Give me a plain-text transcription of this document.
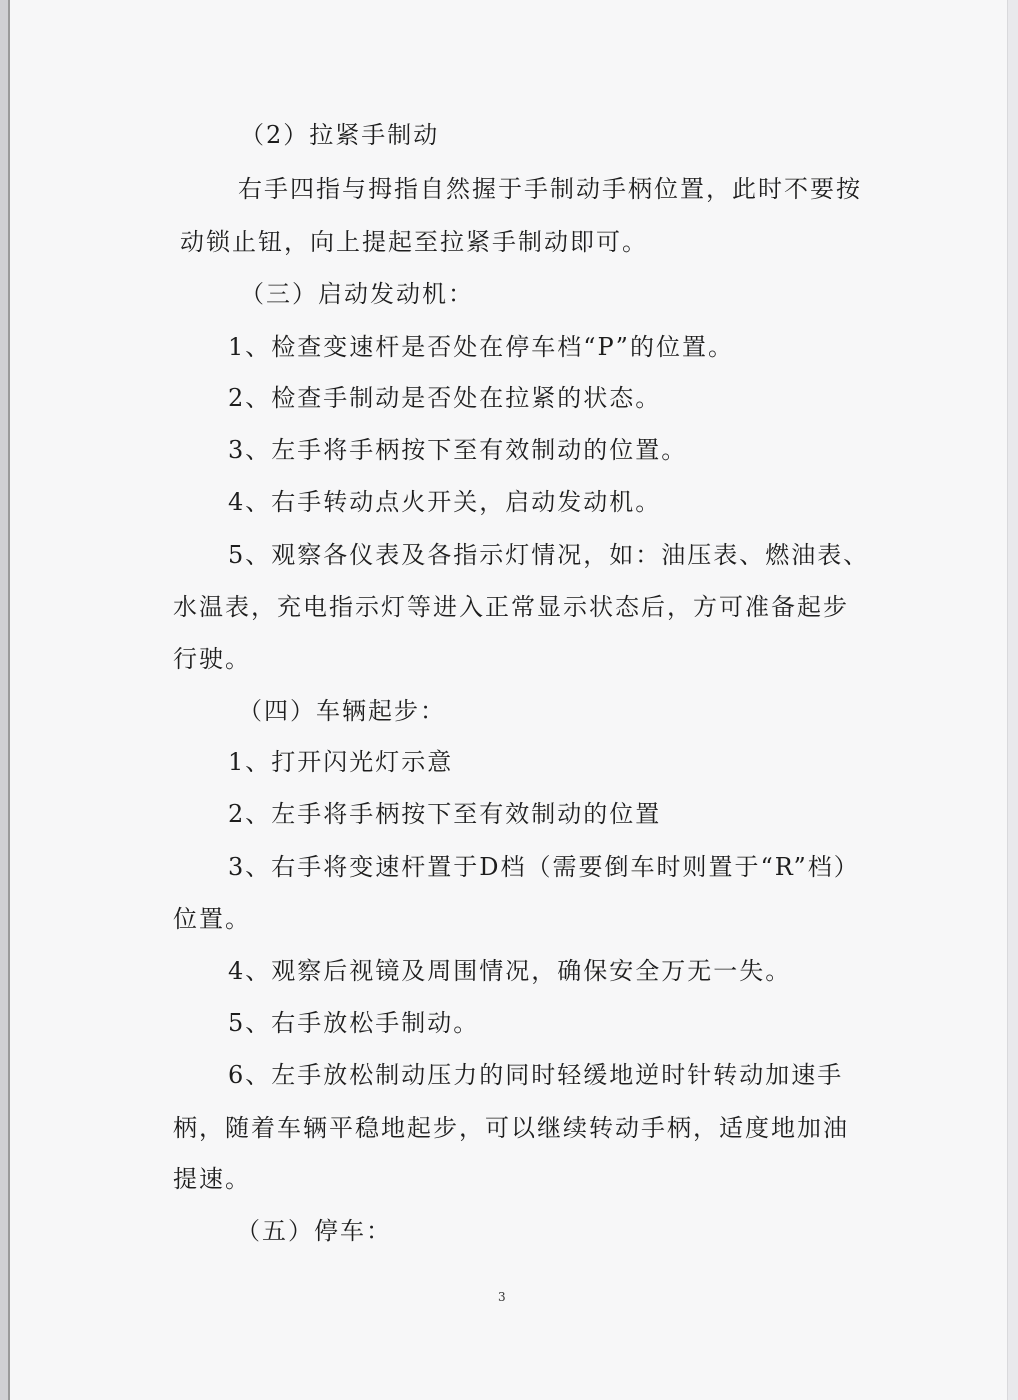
（2）拉紧手制动
右手四指与拇指自然握于手制动手柄位置，此时不要按
动锁止钮，向上提起至拉紧手制动即可。
（三）启动发动机：
1、检查变速杆是否处在停车档“P”的位置。
2、检查手制动是否处在拉紧的状态。
3、左手将手柄按下至有效制动的位置。
4、右手转动点火开关，启动发动机。
5、观察各仪表及各指示灯情况，如：油压表、燃油表、
水温表，充电指示灯等进入正常显示状态后，方可准备起步
行驶。
（四）车辆起步：
1、打开闪光灯示意
2、左手将手柄按下至有效制动的位置
3、右手将变速杆置于D档（需要倒车时则置于“R”档）
位置。
4、观察后视镜及周围情况，确保安全万无一失。
5、右手放松手制动。
6、左手放松制动压力的同时轻缓地逆时针转动加速手
柄，随着车辆平稳地起步，可以继续转动手柄，适度地加油
提速。
（五）停车：
3
